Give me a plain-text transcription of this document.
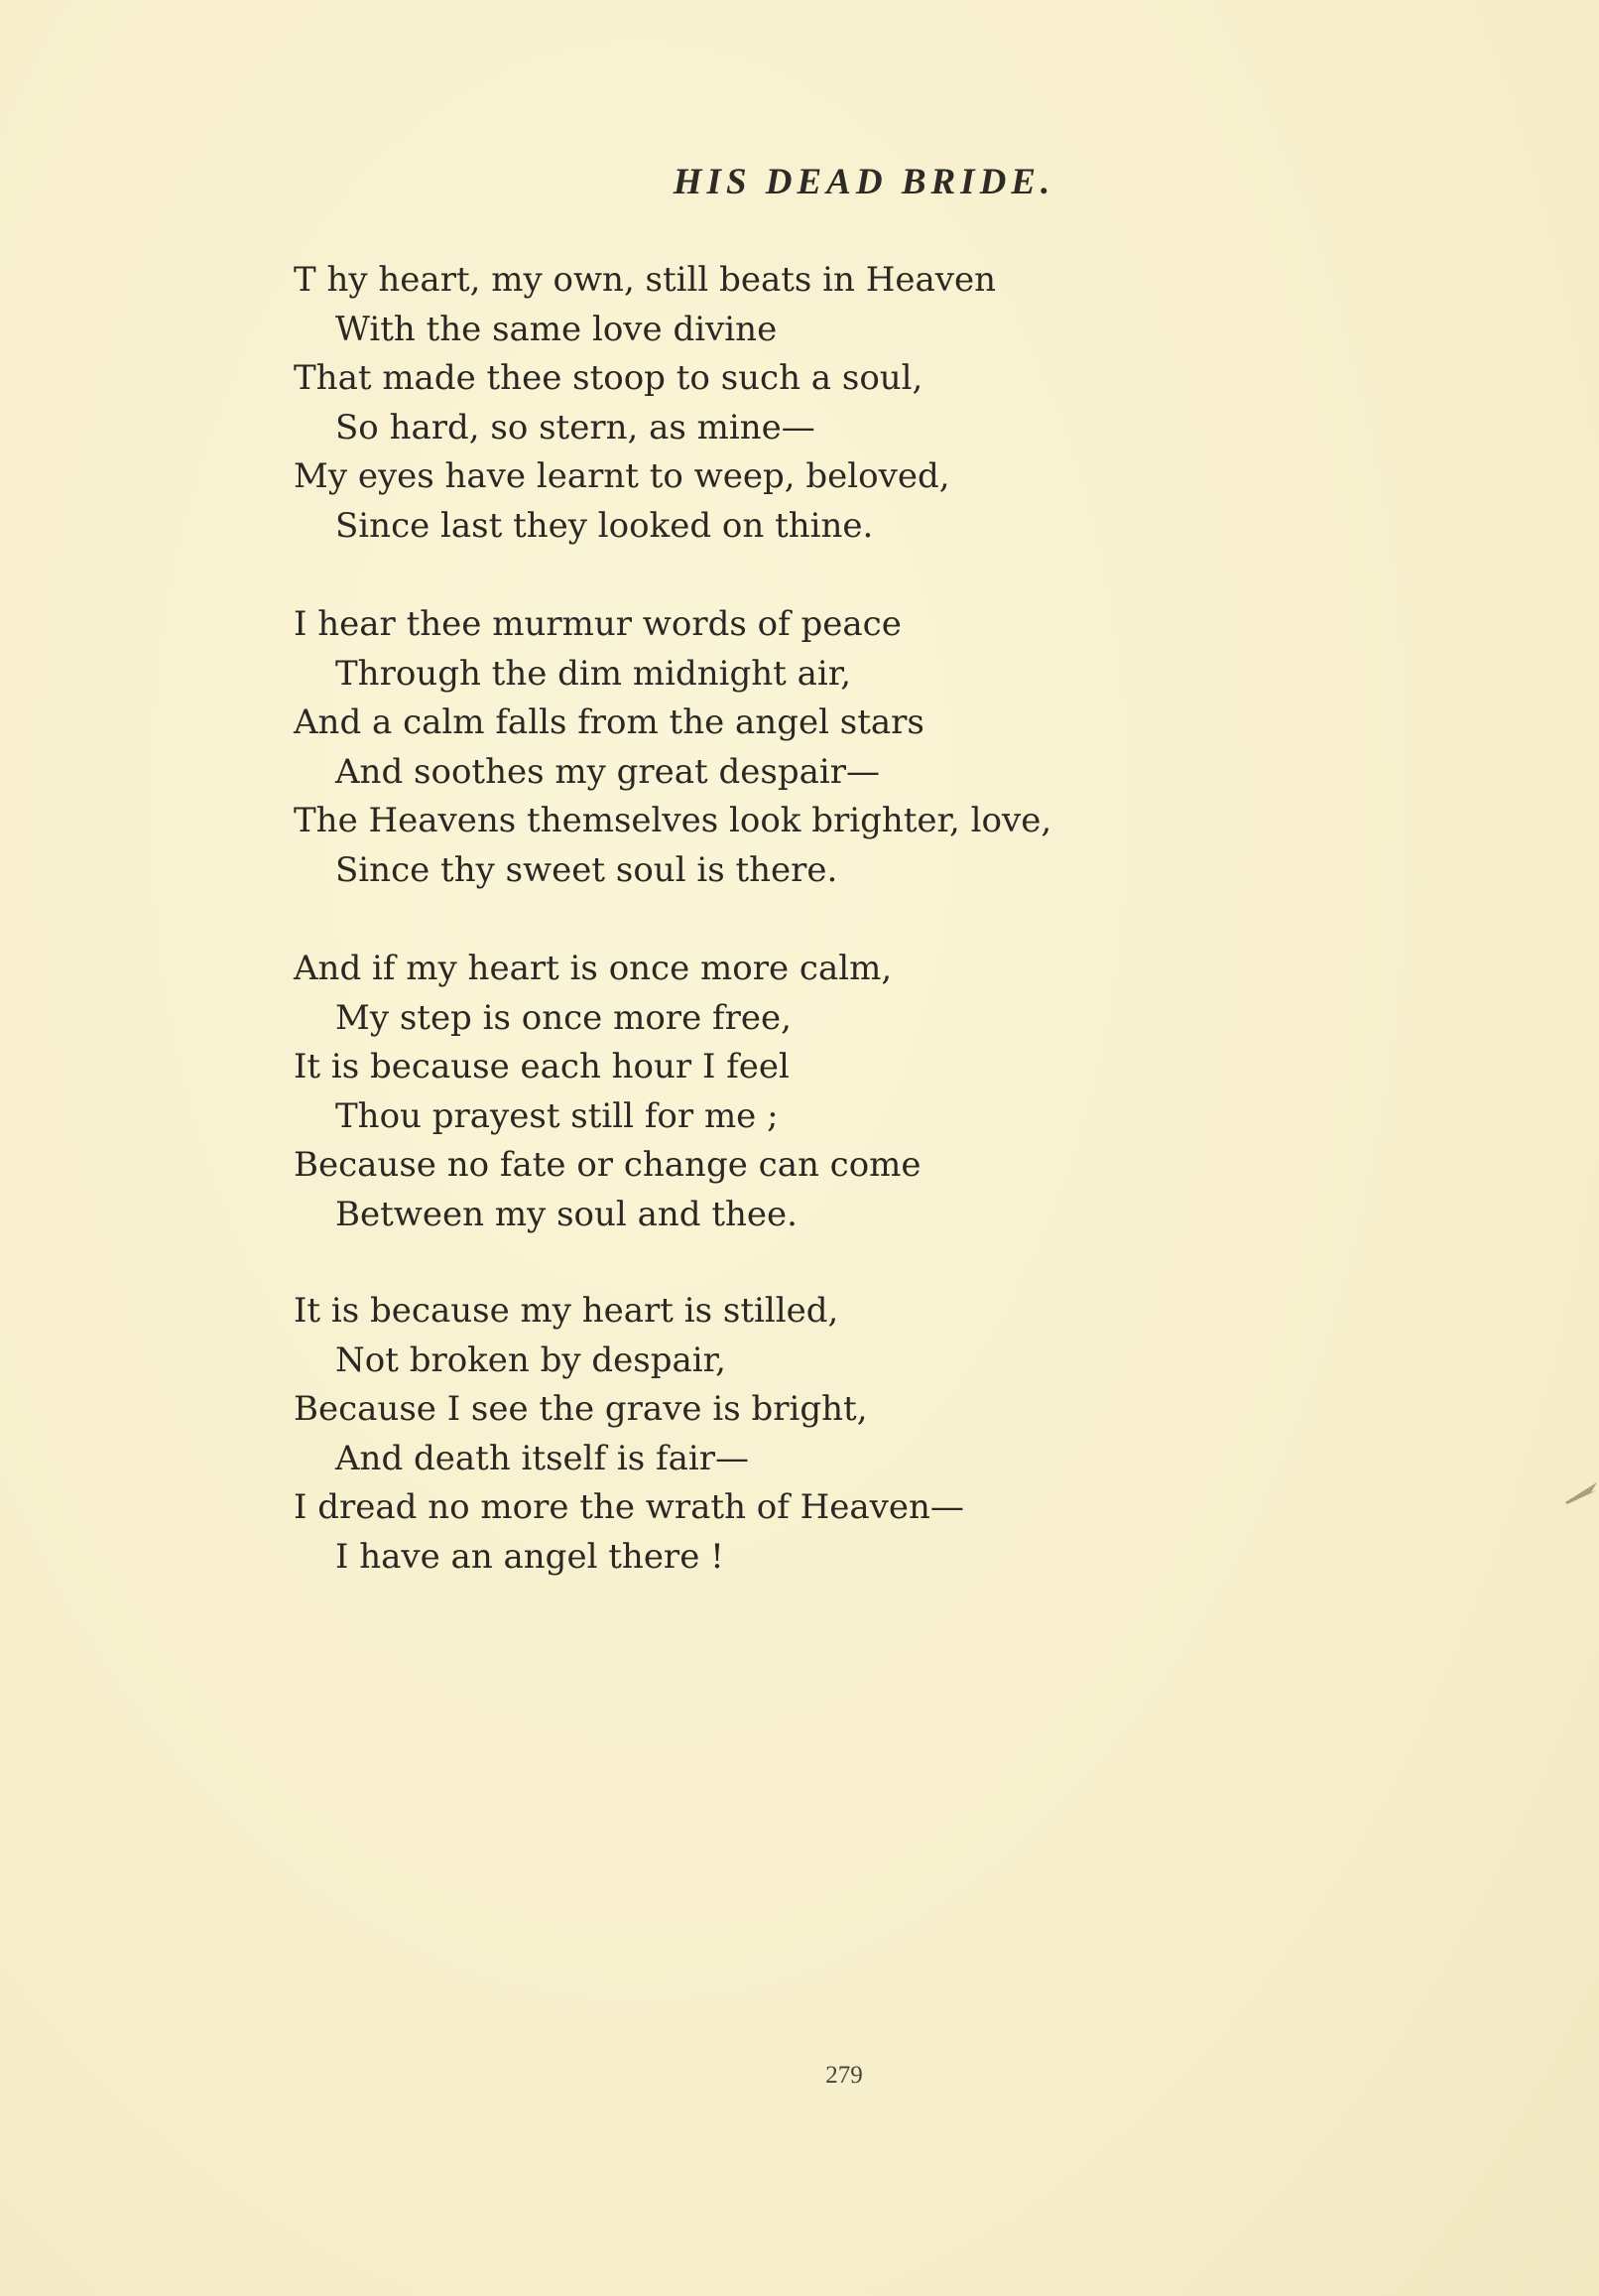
HIS DEAD BRIDE.
T hy heart, my own, still beats in Heaven
With the same love divine
That made thee stoop to such a soul,
So hard, so stern, as mine—
My eyes have learnt to weep, beloved,
Since last they looked on thine.
I hear thee murmur words of peace
Through the dim midnight air,
And a calm falls from the angel stars
And soothes my great despair—
The Heavens themselves look brighter, love,
Since thy sweet soul is there.
And if my heart is once more calm,
My step is once more free,
It is because each hour I feel
Thou prayest still for me ;
Because no fate or change can come
Between my soul and thee.
It is because my heart is stilled,
Not broken by despair,
Because I see the grave is bright,
And death itself is fair—
I dread no more the wrath of Heaven—
I have an angel there !
279
